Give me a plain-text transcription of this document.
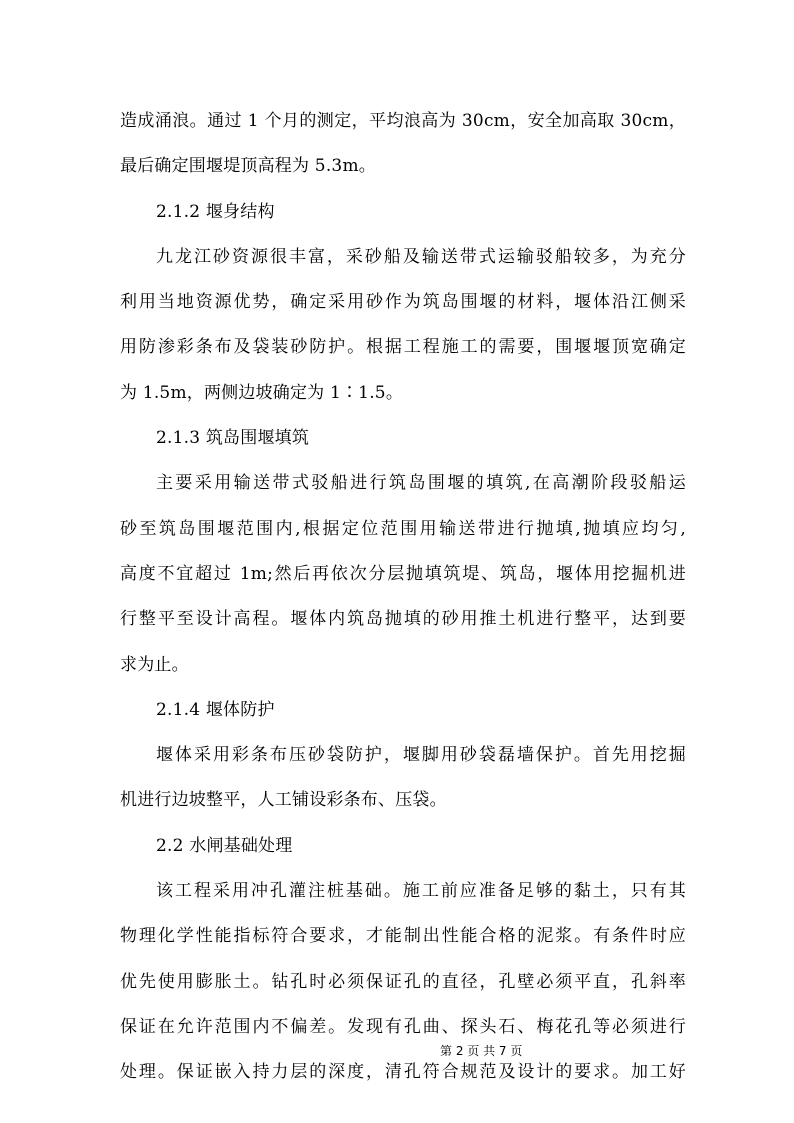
造成涌浪。通过 1 个月的测定，平均浪高为 30cm，安全加高取 30cm，
最后确定围堰堤顶高程为 5.3m。
2.1.2 堰身结构
九龙江砂资源很丰富，采砂船及输送带式运输驳船较多，为充分
利用当地资源优势，确定采用砂作为筑岛围堰的材料，堰体沿江侧采
用防渗彩条布及袋装砂防护。根据工程施工的需要，围堰堰顶宽确定
为 1.5m，两侧边坡确定为 1∶1.5。
2.1.3 筑岛围堰填筑
主要采用输送带式驳船进行筑岛围堰的填筑,在高潮阶段驳船运
砂至筑岛围堰范围内,根据定位范围用输送带进行抛填,抛填应均匀,
高度不宜超过 1m;然后再依次分层抛填筑堤、筑岛，堰体用挖掘机进
行整平至设计高程。堰体内筑岛抛填的砂用推土机进行整平，达到要
求为止。
2.1.4 堰体防护
堰体采用彩条布压砂袋防护，堰脚用砂袋磊墙保护。首先用挖掘
机进行边坡整平，人工铺设彩条布、压袋。
2.2 水闸基础处理
该工程采用冲孔灌注桩基础。施工前应准备足够的黏土，只有其
物理化学性能指标符合要求，才能制出性能合格的泥浆。有条件时应
优先使用膨胀土。钻孔时必须保证孔的直径，孔壁必须平直，孔斜率
保证在允许范围内不偏差。发现有孔曲、探头石、梅花孔等必须进行
处理。保证嵌入持力层的深度，清孔符合规范及设计的要求。加工好
第 2 页 共 7 页
